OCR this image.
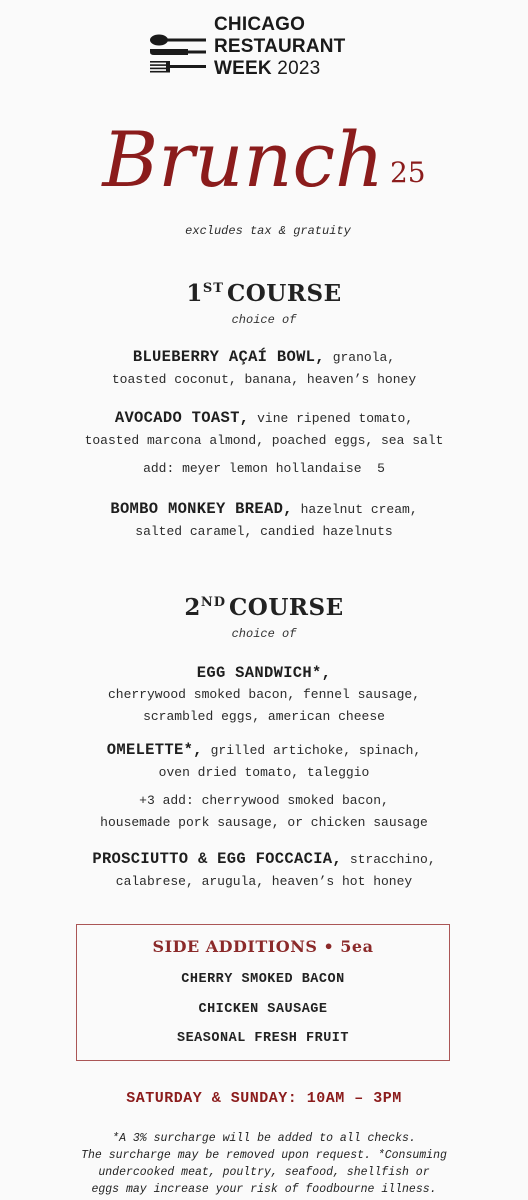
CHICAGO
RESTAURANT
WEEK 2023
Brunch 25
excludes tax & gratuity
1ST COURSE
choice of
BLUEBERRY AÇAÍ BOWL, granola,
toasted coconut, banana, heaven’s honey
AVOCADO TOAST, vine ripened tomato,
toasted marcona almond, poached eggs, sea salt
add: meyer lemon hollandaise  5
BOMBO MONKEY BREAD, hazelnut cream,
salted caramel, candied hazelnuts
2ND COURSE
choice of
EGG SANDWICH*,
cherrywood smoked bacon, fennel sausage,
scrambled eggs, american cheese
OMELETTE*, grilled artichoke, spinach,
oven dried tomato, taleggio
+3 add: cherrywood smoked bacon,
housemade pork sausage, or chicken sausage
PROSCIUTTO & EGG FOCCACIA, stracchino,
calabrese, arugula, heaven’s hot honey
SIDE ADDITIONS • 5ea
CHERRY SMOKED BACON
CHICKEN SAUSAGE
SEASONAL FRESH FRUIT
SATURDAY & SUNDAY: 10AM – 3PM
*A 3% surcharge will be added to all checks.
The surcharge may be removed upon request. *Consuming
undercooked meat, poultry, seafood, shellfish or
eggs may increase your risk of foodbourne illness.
